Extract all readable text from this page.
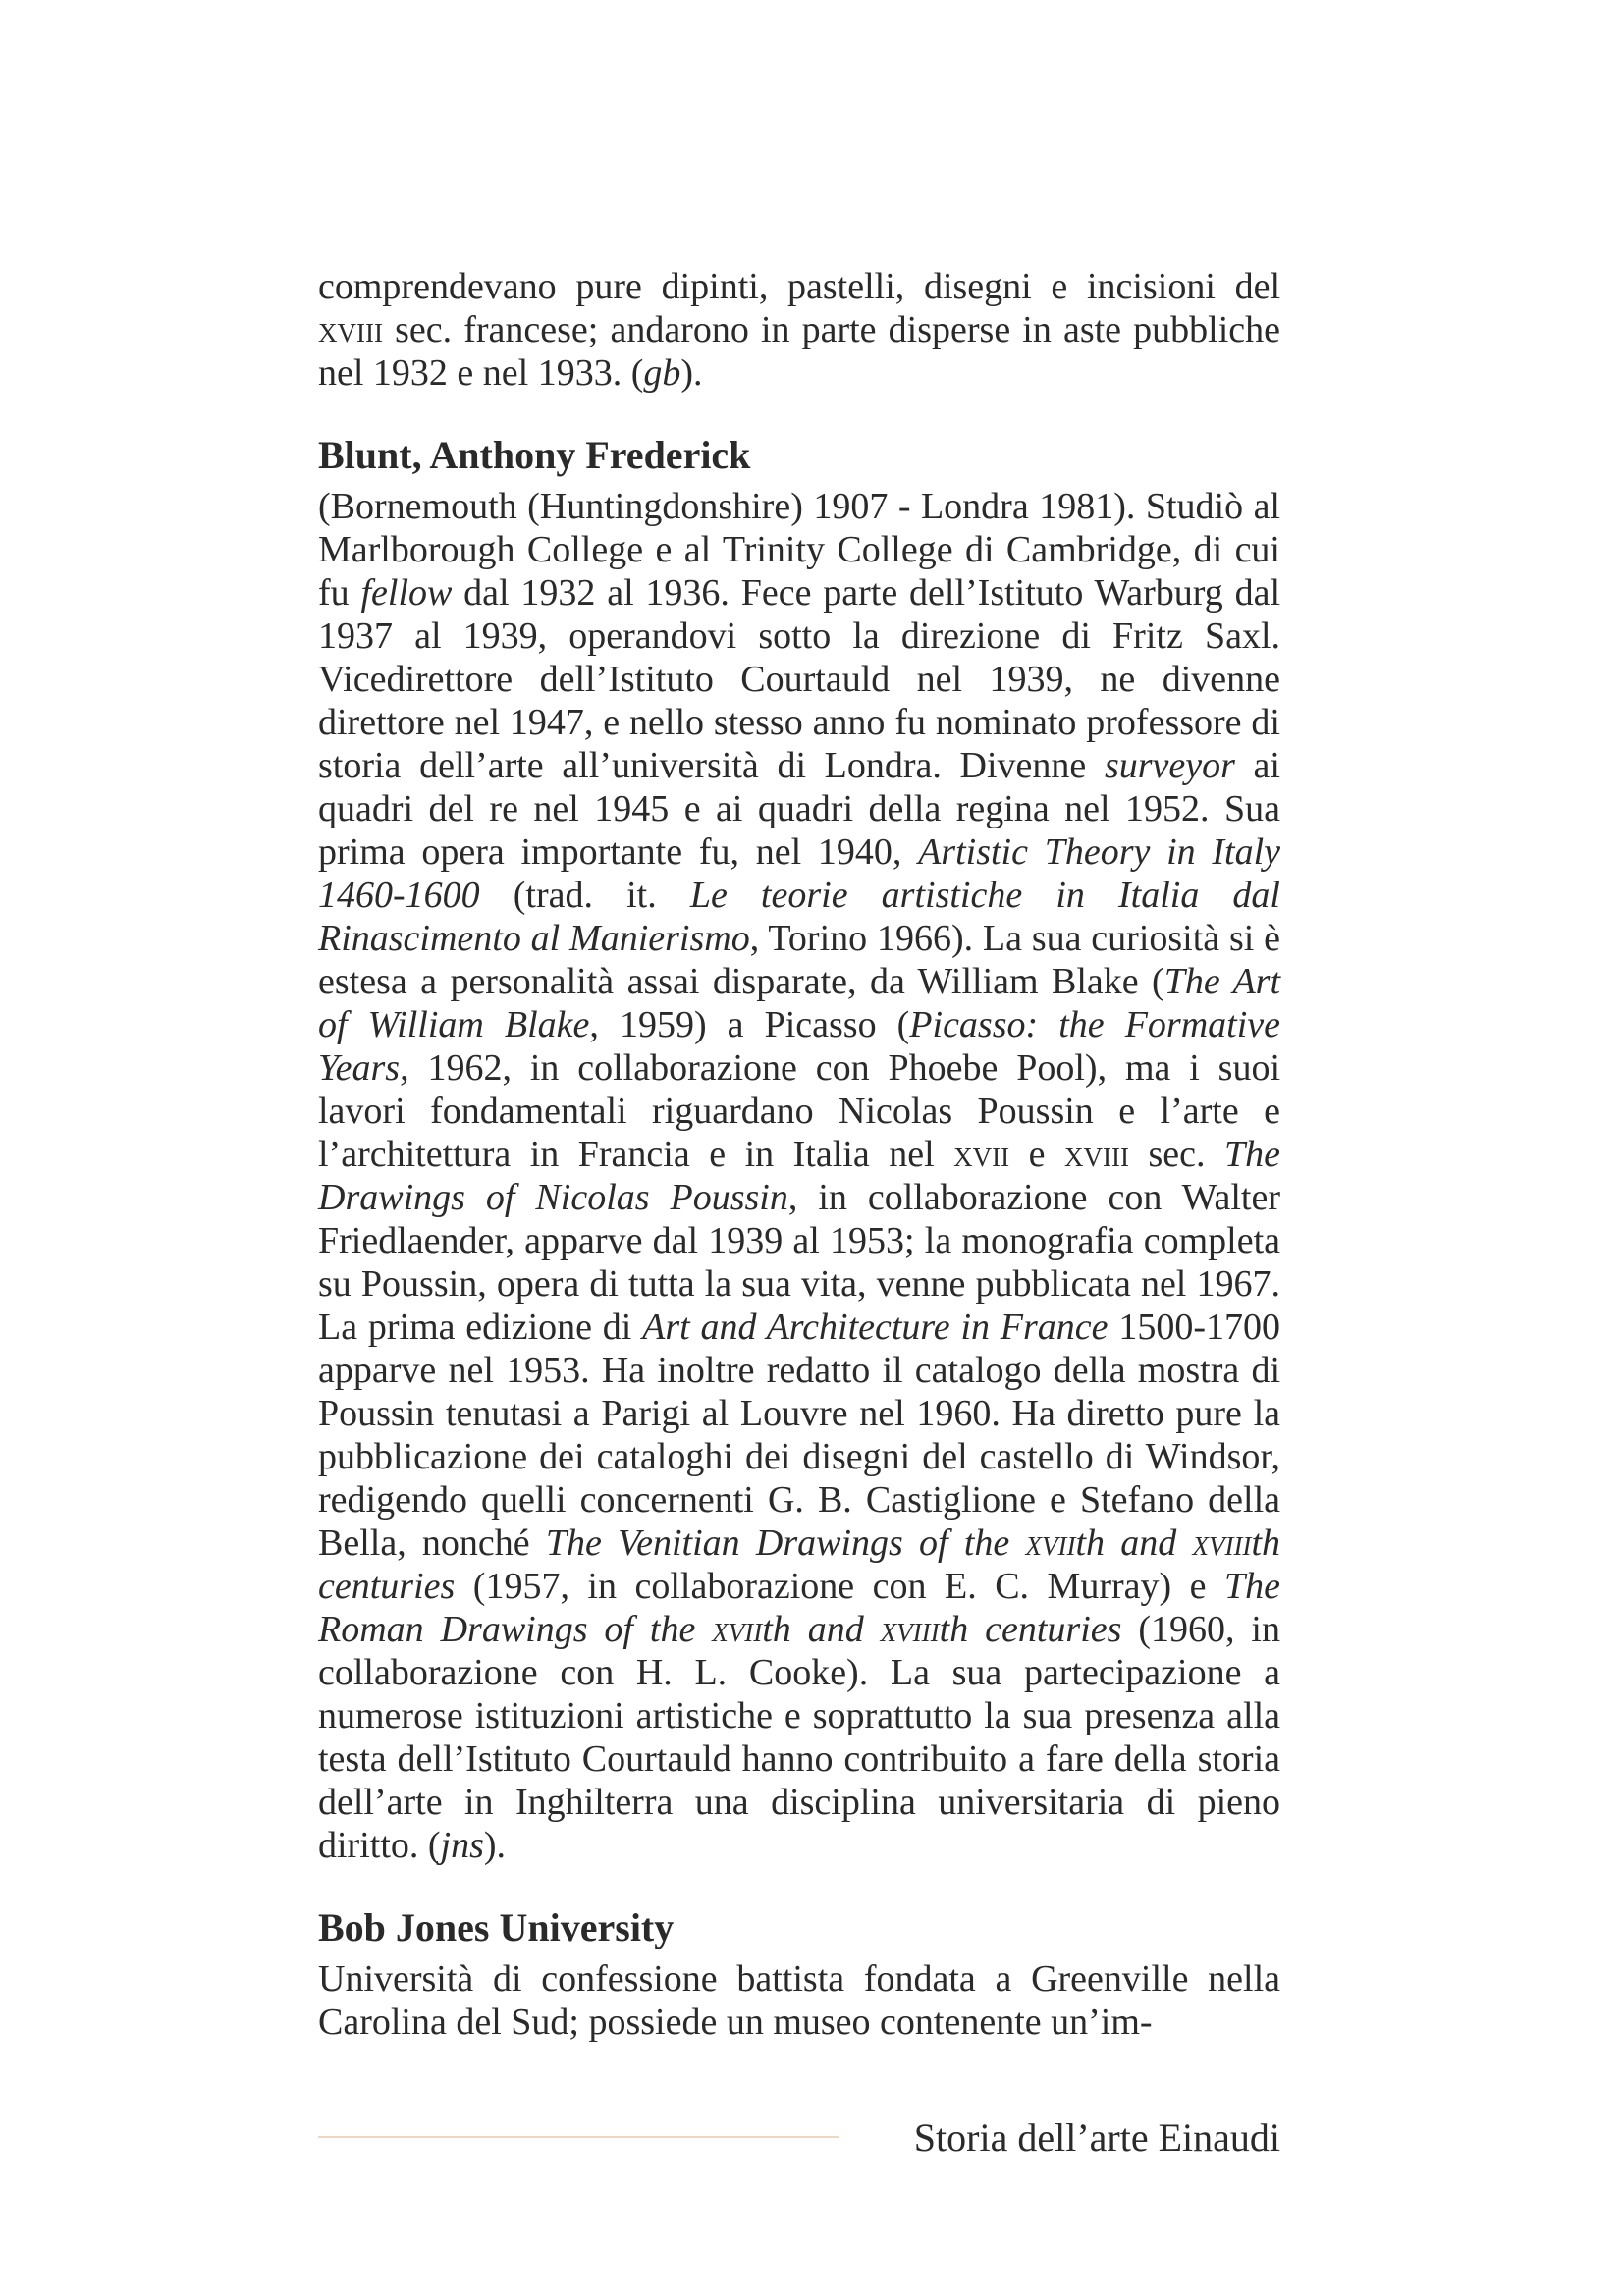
comprendevano pure dipinti, pastelli, disegni e incisioni del xviii sec. francese; andarono in parte disperse in aste pubbliche nel 1932 e nel 1933. (gb).

Blunt, Anthony Frederick

(Bornemouth (Huntingdonshire) 1907 - Londra 1981). Studiò al Marlborough College e al Trinity College di Cambridge, di cui fu fellow dal 1932 al 1936. Fece parte dell’Istituto Warburg dal 1937 al 1939, operandovi sotto la direzione di Fritz Saxl. Vicedirettore dell’Istituto Courtauld nel 1939, ne divenne direttore nel 1947, e nello stesso anno fu nominato professore di storia dell’arte all’università di Londra. Divenne surveyor ai quadri del re nel 1945 e ai quadri della regina nel 1952. Sua prima opera importante fu, nel 1940, Artistic Theory in Italy 1460-1600 (trad. it. Le teorie artistiche in Italia dal Rinascimento al Manierismo, Torino 1966). La sua curiosità si è estesa a personalità assai disparate, da William Blake (The Art of William Blake, 1959) a Picasso (Picasso: the Formative Years, 1962, in collaborazione con Phoebe Pool), ma i suoi lavori fondamentali riguardano Nicolas Poussin e l’arte e l’architettura in Francia e in Italia nel xvii e xviii sec. The Drawings of Nicolas Poussin, in collaborazione con Walter Friedlaender, apparve dal 1939 al 1953; la monografia completa su Poussin, opera di tutta la sua vita, venne pubblicata nel 1967. La prima edizione di Art and Architecture in France 1500-1700 apparve nel 1953. Ha inoltre redatto il catalogo della mostra di Poussin tenutasi a Parigi al Louvre nel 1960. Ha diretto pure la pubblicazione dei cataloghi dei disegni del castello di Windsor, redigendo quelli concernenti G. B. Castiglione e Stefano della Bella, nonché The Venitian Drawings of the xviith and xviiith centuries (1957, in collaborazione con E. C. Murray) e The Roman Drawings of the xviith and xviiith centuries (1960, in collaborazione con H. L. Cooke). La sua partecipazione a numerose istituzioni artistiche e soprattutto la sua presenza alla testa dell’Istituto Courtauld hanno contribuito a fare della storia dell’arte in Inghilterra una disciplina universitaria di pieno diritto. (jns).

Bob Jones University

Università di confessione battista fondata a Greenville nella Carolina del Sud; possiede un museo contenente un’im-

Storia dell’arte Einaudi
